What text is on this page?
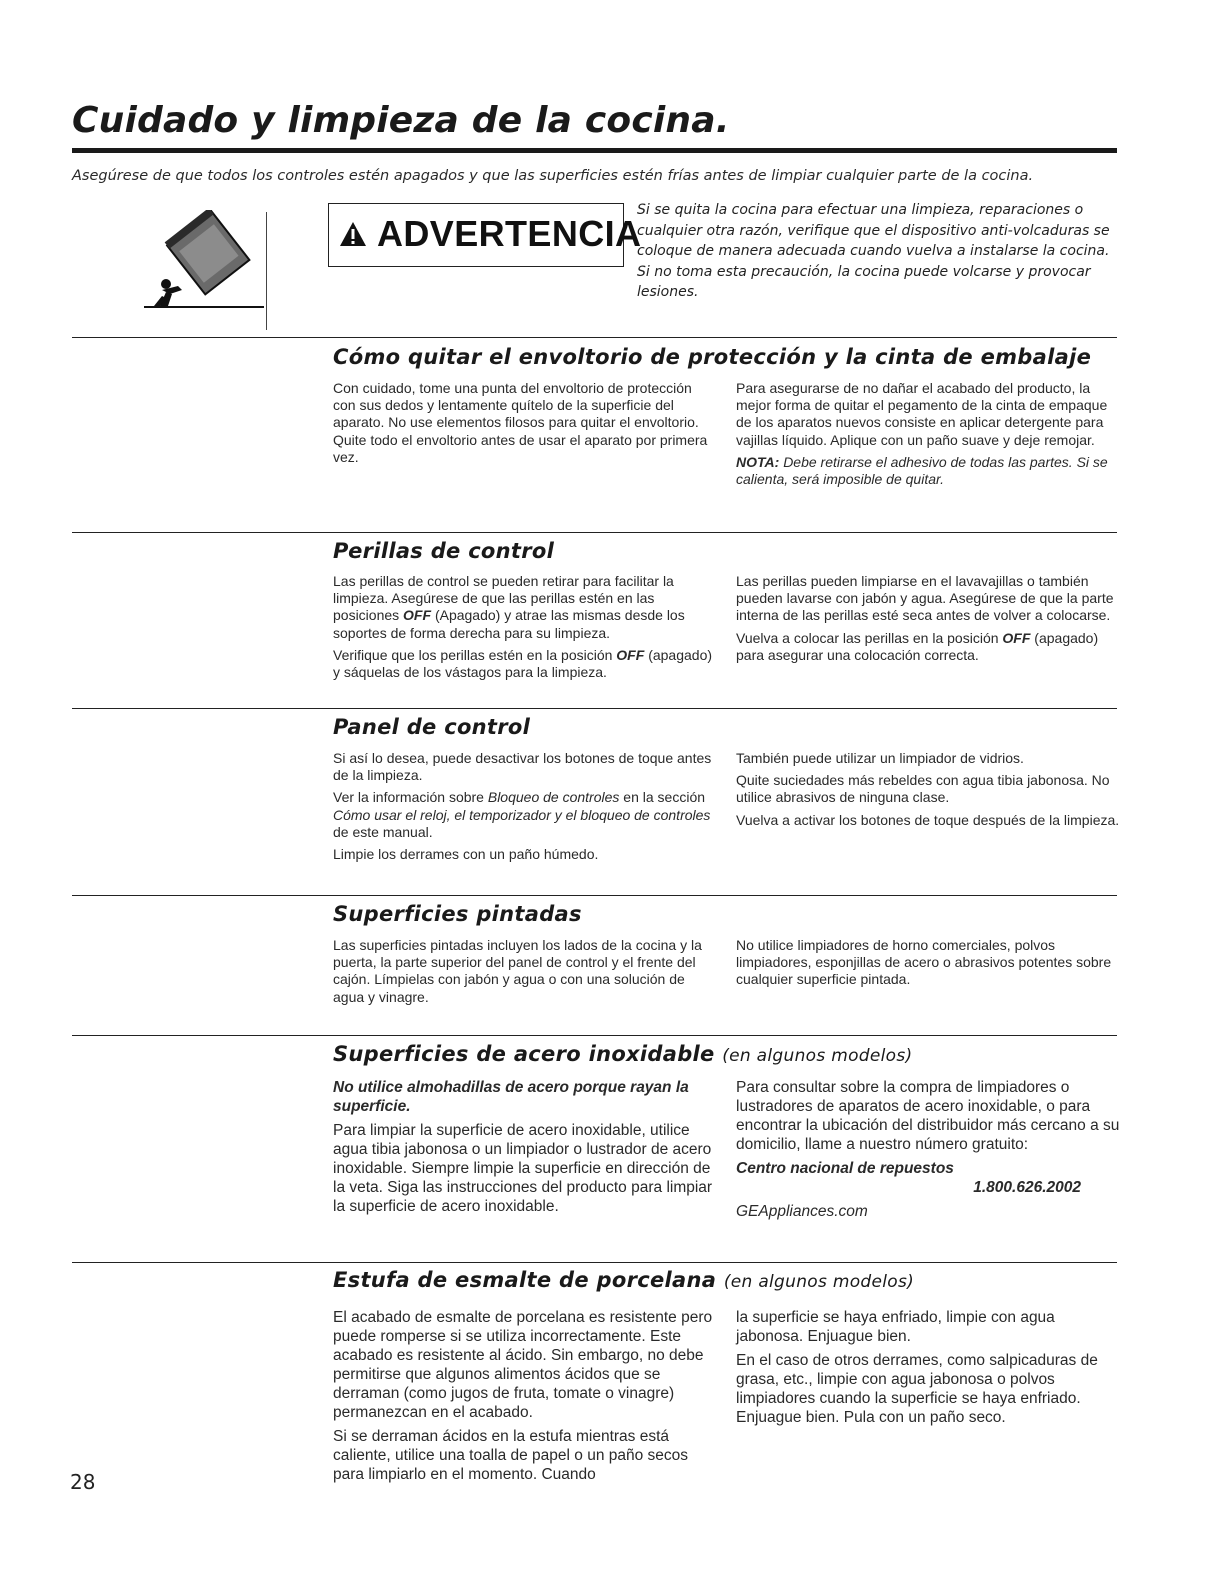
Cuidado y limpieza de la cocina.
Asegúrese de que todos los controles estén apagados y que las superficies estén frías antes de limpiar cualquier parte de la cocina.
ADVERTENCIA
Si se quita la cocina para efectuar una limpieza, reparaciones o cualquier otra razón, verifique que el dispositivo anti-volcaduras se coloque de manera adecuada cuando vuelva a instalarse la cocina. Si no toma esta precaución, la cocina puede volcarse y provocar lesiones.
Cómo quitar el envoltorio de protección y la cinta de embalaje

Con cuidado, tome una punta del envoltorio de protección con sus dedos y lentamente quítelo de la superficie del aparato. No use elementos filosos para quitar el envoltorio. Quite todo el envoltorio antes de usar el aparato por primera vez.

Para asegurarse de no dañar el acabado del producto, la mejor forma de quitar el pegamento de la cinta de empaque de los aparatos nuevos consiste en aplicar detergente para vajillas líquido. Aplique con un paño suave y deje remojar.

NOTA: Debe retirarse el adhesivo de todas las partes. Si se calienta, será imposible de quitar.

Perillas de control

Las perillas de control se pueden retirar para facilitar la limpieza. Asegúrese de que las perillas estén en las posiciones OFF (Apagado) y atrae las mismas desde los soportes de forma derecha para su limpieza.

Verifique que los perillas estén en la posición OFF (apagado) y sáquelas de los vástagos para la limpieza.

Las perillas pueden limpiarse en el lavavajillas o también pueden lavarse con jabón y agua. Asegúrese de que la parte interna de las perillas esté seca antes de volver a colocarse.

Vuelva a colocar las perillas en la posición OFF (apagado) para asegurar una colocación correcta.

Panel de control

Si así lo desea, puede desactivar los botones de toque antes de la limpieza.

Ver la información sobre Bloqueo de controles en la sección Cómo usar el reloj, el temporizador y el bloqueo de controles de este manual.

Limpie los derrames con un paño húmedo.

También puede utilizar un limpiador de vidrios.

Quite suciedades más rebeldes con agua tibia jabonosa. No utilice abrasivos de ninguna clase.

Vuelva a activar los botones de toque después de la limpieza.

Superficies pintadas

Las superficies pintadas incluyen los lados de la cocina y la puerta, la parte superior del panel de control y el frente del cajón. Límpielas con jabón y agua o con una solución de agua y vinagre.

No utilice limpiadores de horno comerciales, polvos limpiadores, esponjillas de acero o abrasivos potentes sobre cualquier superficie pintada.

Superficies de acero inoxidable (en algunos modelos)

No utilice almohadillas de acero porque rayan la superficie.

Para limpiar la superficie de acero inoxidable, utilice agua tibia jabonosa o un limpiador o lustrador de acero inoxidable. Siempre limpie la superficie en dirección de la veta. Siga las instrucciones del producto para limpiar la superficie de acero inoxidable.

Para consultar sobre la compra de limpiadores o lustradores de aparatos de acero inoxidable, o para encontrar la ubicación del distribuidor más cercano a su domicilio, llame a nuestro número gratuito:

Centro nacional de repuestos

1.800.626.2002

GEAppliances.com

Estufa de esmalte de porcelana (en algunos modelos)

El acabado de esmalte de porcelana es resistente pero puede romperse si se utiliza incorrectamente. Este acabado es resistente al ácido. Sin embargo, no debe permitirse que algunos alimentos ácidos que se derraman (como jugos de fruta, tomate o vinagre) permanezcan en el acabado.

Si se derraman ácidos en la estufa mientras está caliente, utilice una toalla de papel o un paño secos para limpiarlo en el momento. Cuando

la superficie se haya enfriado, limpie con agua jabonosa. Enjuague bien.

En el caso de otros derrames, como salpicaduras de grasa, etc., limpie con agua jabonosa o polvos limpiadores cuando la superficie se haya enfriado. Enjuague bien. Pula con un paño seco.

28
